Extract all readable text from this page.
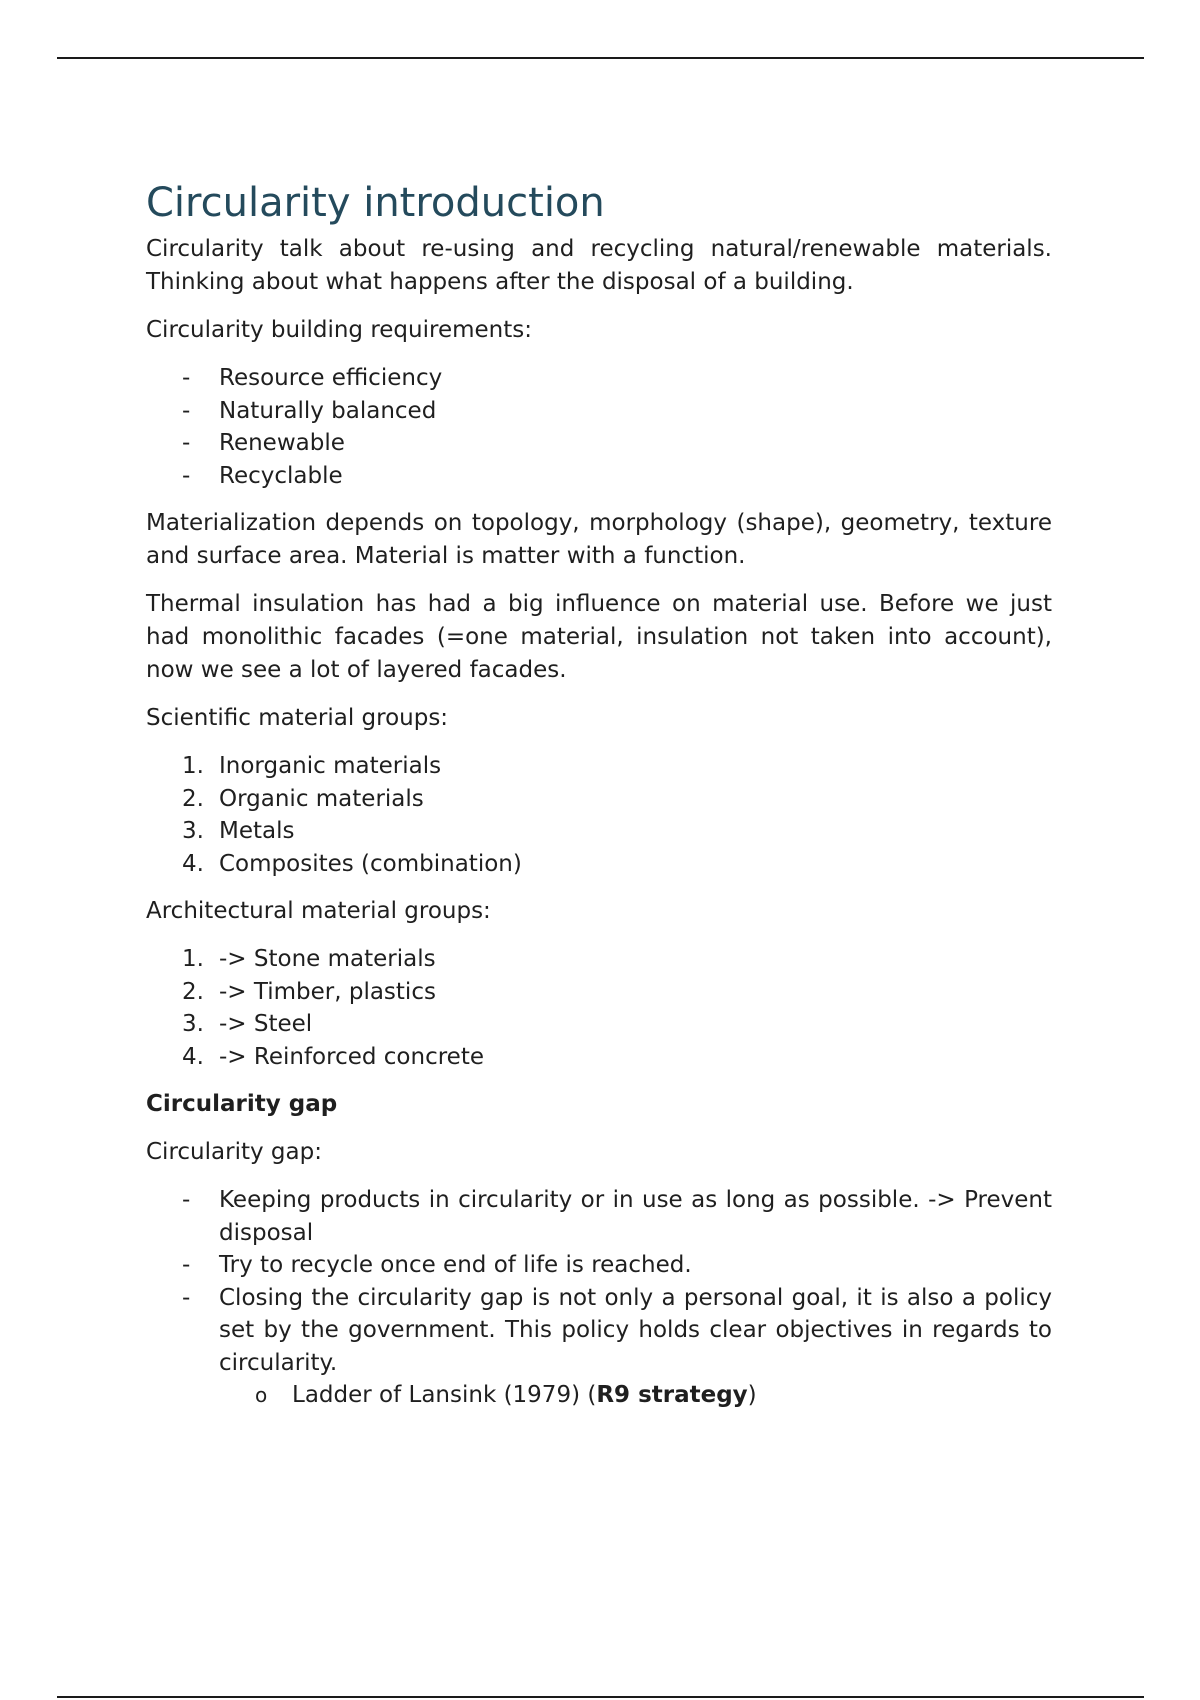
Circularity introduction

Circularity talk about re-using and recycling natural/renewable materials. Thinking about what happens after the disposal of a building.

Circularity building requirements:

- Resource efficiency
- Naturally balanced
- Renewable
- Recyclable

Materialization depends on topology, morphology (shape), geometry, texture and surface area. Material is matter with a function.

Thermal insulation has had a big influence on material use. Before we just had monolithic facades (=one material, insulation not taken into account), now we see a lot of layered facades.

Scientific material groups:

1. Inorganic materials
2. Organic materials
3. Metals
4. Composites (combination)

Architectural material groups:

1. -> Stone materials
2. -> Timber, plastics
3. -> Steel
4. -> Reinforced concrete

Circularity gap

Circularity gap:

- Keeping products in circularity or in use as long as possible. -> Prevent disposal
- Try to recycle once end of life is reached.
- Closing the circularity gap is not only a personal goal, it is also a policy set by the government. This policy holds clear objectives in regards to circularity.
o Ladder of Lansink (1979) (R9 strategy)
